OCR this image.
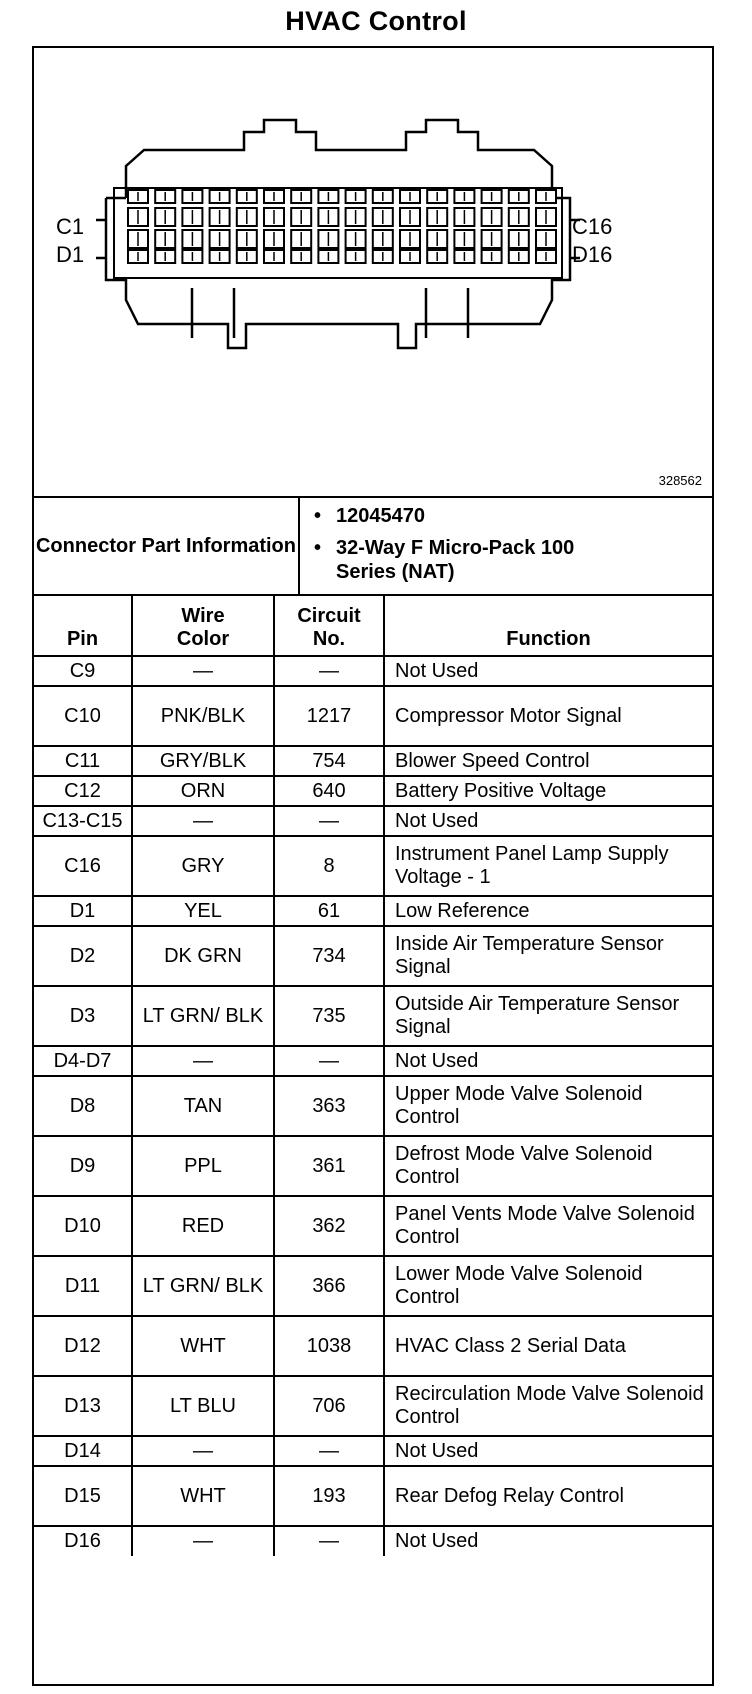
HVAC Control
C1
D1
C16
D16
328562
Connector Part Information
• 12045470
• 32-Way F Micro-Pack 100 Series (NAT)
Pin	Wire Color	Circuit No.	Function
C9	—	—	Not Used
C10	PNK/BLK	1217	Compressor Motor Signal
C11	GRY/BLK	754	Blower Speed Control
C12	ORN	640	Battery Positive Voltage
C13-C15	—	—	Not Used
C16	GRY	8	Instrument Panel Lamp Supply Voltage - 1
D1	YEL	61	Low Reference
D2	DK GRN	734	Inside Air Temperature Sensor Signal
D3	LT GRN/ BLK	735	Outside Air Temperature Sensor Signal
D4-D7	—	—	Not Used
D8	TAN	363	Upper Mode Valve Solenoid Control
D9	PPL	361	Defrost Mode Valve Solenoid Control
D10	RED	362	Panel Vents Mode Valve Solenoid Control
D11	LT GRN/ BLK	366	Lower Mode Valve Solenoid Control
D12	WHT	1038	HVAC Class 2 Serial Data
D13	LT BLU	706	Recirculation Mode Valve Solenoid Control
D14	—	—	Not Used
D15	WHT	193	Rear Defog Relay Control
D16	—	—	Not Used
